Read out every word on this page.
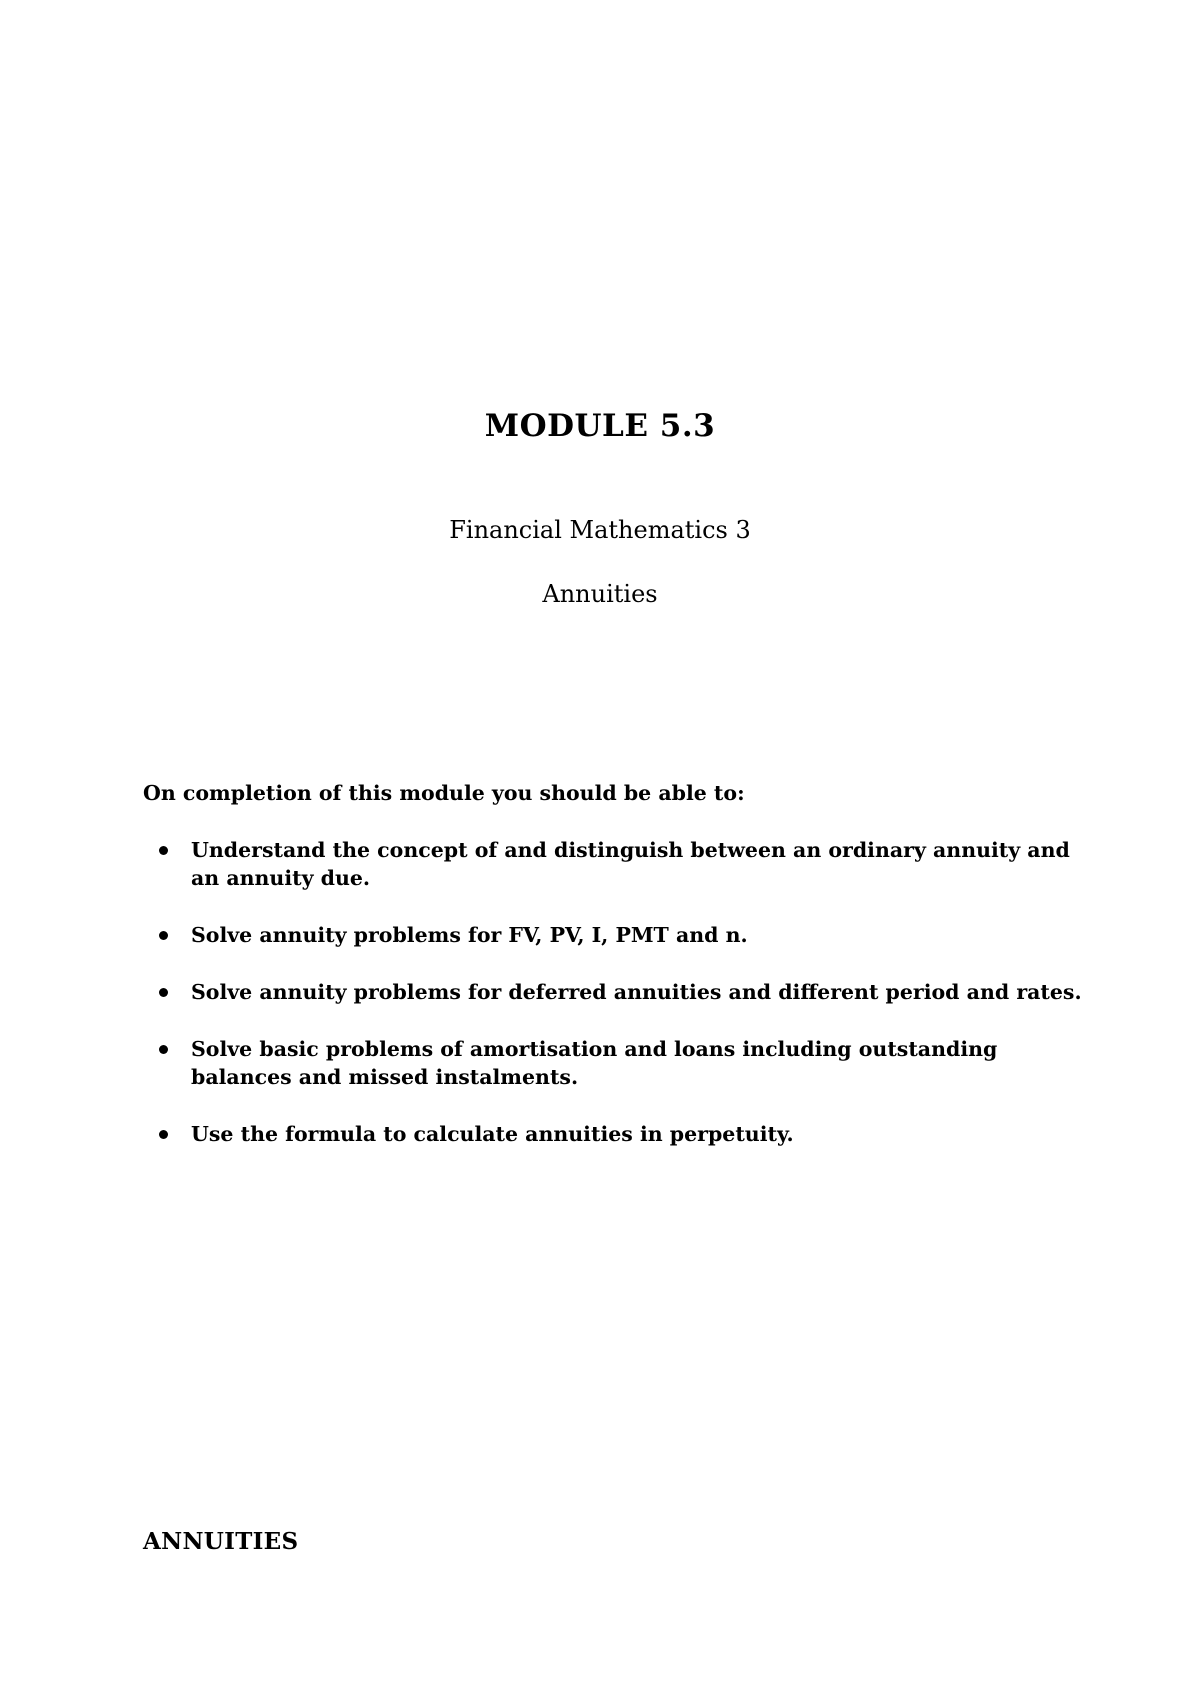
MODULE 5.3
Financial Mathematics 3
Annuities
On completion of this module you should be able to:
Understand the concept of and distinguish between an ordinary annuity and an annuity due.
Solve annuity problems for FV, PV, I, PMT and n.
Solve annuity problems for deferred annuities and different period and rates.
Solve basic problems of amortisation and loans including outstanding balances and missed instalments.
Use the formula to calculate annuities in perpetuity.
ANNUITIES
